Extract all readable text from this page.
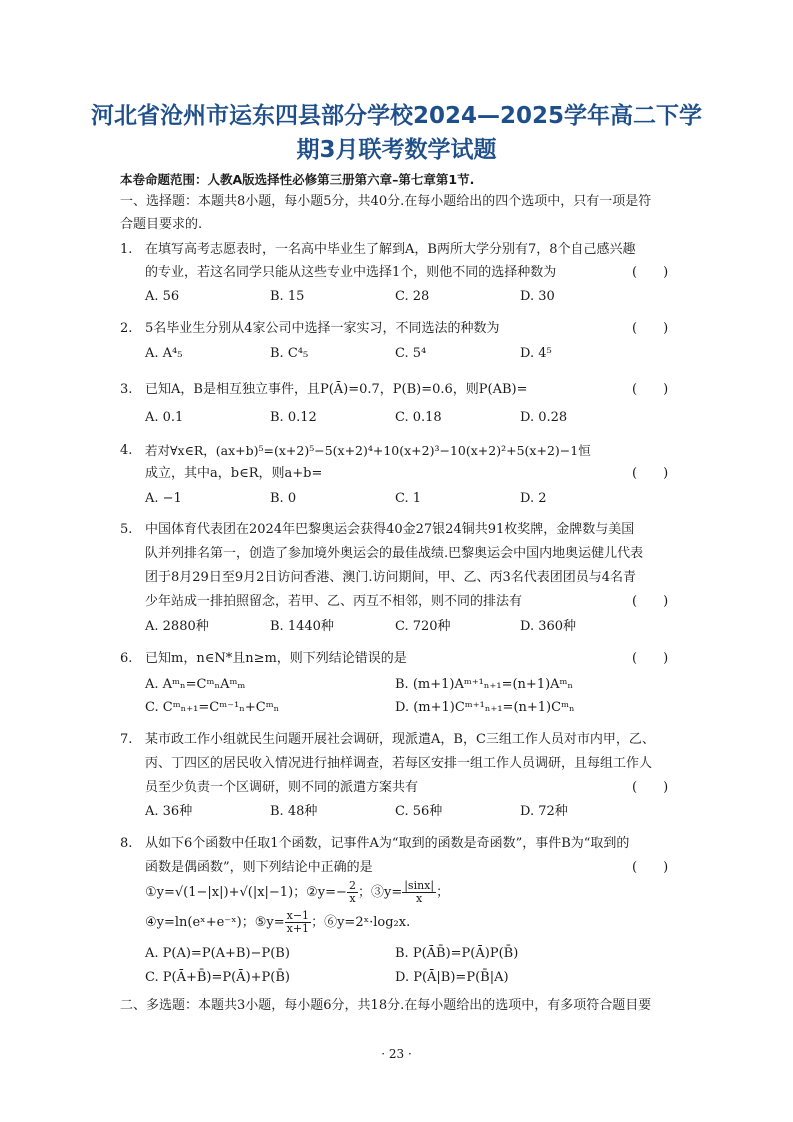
河北省沧州市运东四县部分学校2024—2025学年高二下学
期3月联考数学试题
本卷命题范围：人教A版选择性必修第三册第六章–第七章第1节.
一、选择题：本题共8小题，每小题5分，共40分.在每小题给出的四个选项中，只有一项是符
合题目要求的.
1. 在填写高考志愿表时，一名高中毕业生了解到A，B两所大学分别有7，8个自己感兴趣
的专业，若这名同学只能从这些专业中选择1个，则他不同的选择种数为	(　　)
A. 56	B. 15	C. 28	D. 30
2. 5名毕业生分别从4家公司中选择一家实习，不同选法的种数为	(　　)
A. A⁴₅	B. C⁴₅	C. 5⁴	D. 4⁵
3. 已知A，B是相互独立事件，且P(Ā)=0.7，P(B)=0.6，则P(AB)=	(　　)
A. 0.1	B. 0.12	C. 0.18	D. 0.28
4. 若对∀x∈R，(ax+b)⁵=(x+2)⁵−5(x+2)⁴+10(x+2)³−10(x+2)²+5(x+2)−1恒
成立，其中a，b∈R，则a+b=	(　　)
A. −1	B. 0	C. 1	D. 2
5. 中国体育代表团在2024年巴黎奥运会获得40金27银24铜共91枚奖牌，金牌数与美国
队并列排名第一，创造了参加境外奥运会的最佳战绩.巴黎奥运会中国内地奥运健儿代表
团于8月29日至9月2日访问香港、澳门.访问期间，甲、乙、丙3名代表团团员与4名青
少年站成一排拍照留念，若甲、乙、丙互不相邻，则不同的排法有	(　　)
A. 2880种	B. 1440种	C. 720种	D. 360种
6. 已知m，n∈N*且n≥m，则下列结论错误的是	(　　)
A. Aᵐₙ=CᵐₙAᵐₘ	B. (m+1)Aᵐ⁺¹ₙ₊₁=(n+1)Aᵐₙ
C. Cᵐₙ₊₁=Cᵐ⁻¹ₙ+Cᵐₙ	D. (m+1)Cᵐ⁺¹ₙ₊₁=(n+1)Cᵐₙ
7. 某市政工作小组就民生问题开展社会调研，现派遣A，B，C三组工作人员对市内甲，乙、
丙、丁四区的居民收入情况进行抽样调查，若每区安排一组工作人员调研，且每组工作人
员至少负责一个区调研，则不同的派遣方案共有	(　　)
A. 36种	B. 48种	C. 56种	D. 72种
8. 从如下6个函数中任取1个函数，记事件A为“取到的函数是奇函数”，事件B为“取到的
函数是偶函数”，则下列结论中正确的是	(　　)
①y=√(1−|x|)+√(|x|−1)；②y=− $\frac{2}{x}$ ；③y= $\frac{|\sin x|}{x}$ ；
④y=ln(eˣ+e⁻ˣ)；⑤y= $\frac{x-1}{x+1}$ ；⑥y=2ˣ·log₂x.
A. P(A)=P(A+B)−P(B)	B. P(ĀB̄)=P(Ā)P(B̄)
C. P(Ā+B̄)=P(Ā)+P(B̄)	D. P(Ā|B)=P(B̄|A)
二、多选题：本题共3小题，每小题6分，共18分.在每小题给出的选项中，有多项符合题目要
· 23 ·
